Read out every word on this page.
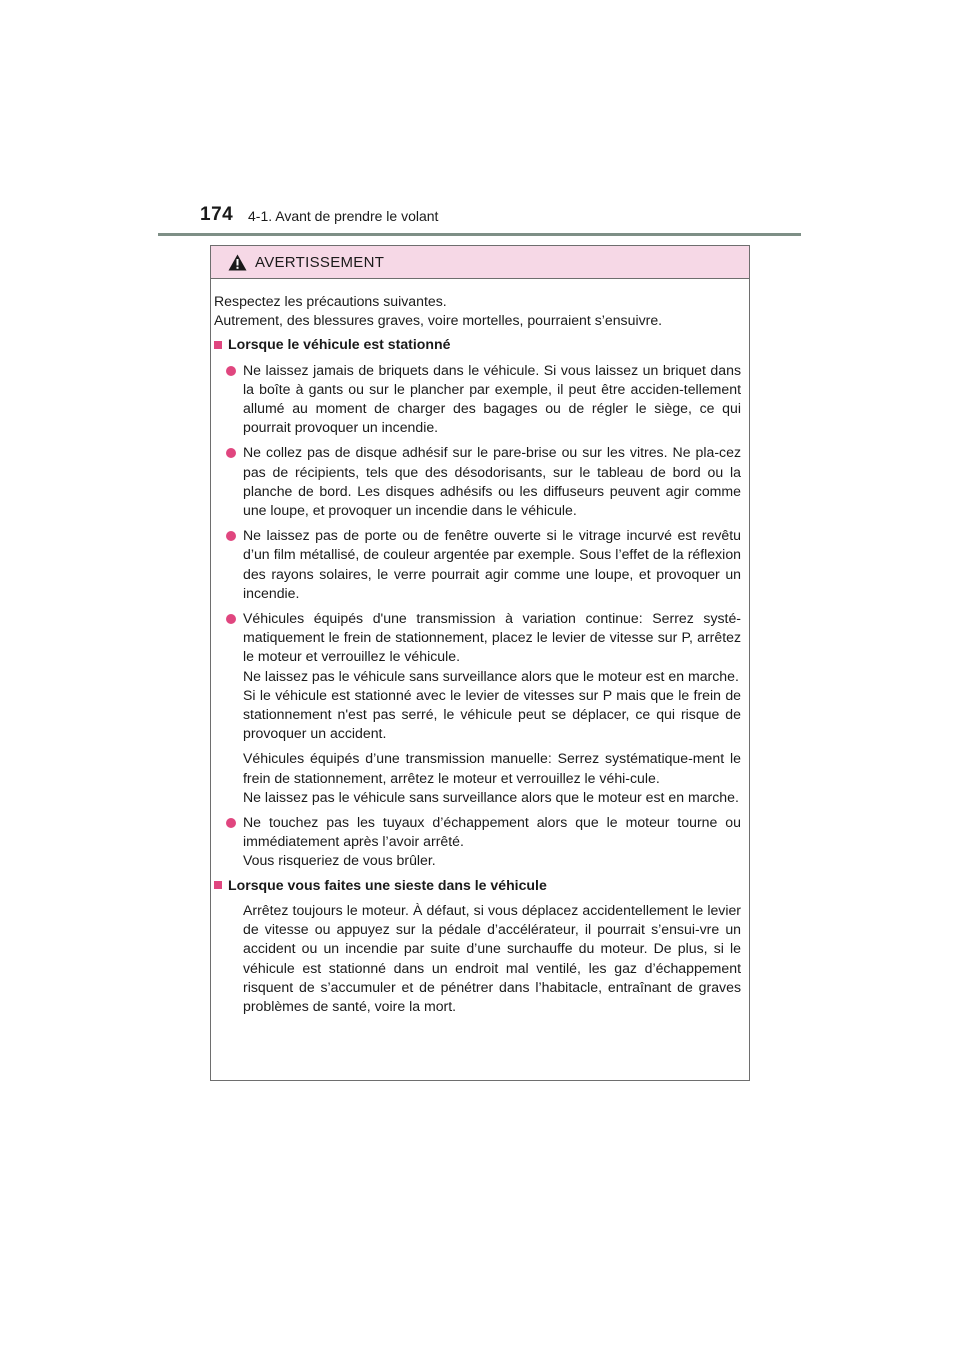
174 4-1. Avant de prendre le volant
AVERTISSEMENT

Respectez les précautions suivantes.

Autrement, des blessures graves, voire mortelles, pourraient s’ensuivre.

Lorsque le véhicule est stationné

Ne laissez jamais de briquets dans le véhicule. Si vous laissez un briquet dans la boîte à gants ou sur le plancher par exemple, il peut être acciden-tellement allumé au moment de charger des bagages ou de régler le siège, ce qui pourrait provoquer un incendie.

Ne collez pas de disque adhésif sur le pare-brise ou sur les vitres. Ne pla-cez pas de récipients, tels que des désodorisants, sur le tableau de bord ou la planche de bord. Les disques adhésifs ou les diffuseurs peuvent agir comme une loupe, et provoquer un incendie dans le véhicule.

Ne laissez pas de porte ou de fenêtre ouverte si le vitrage incurvé est revêtu d’un film métallisé, de couleur argentée par exemple. Sous l’effet de la réflexion des rayons solaires, le verre pourrait agir comme une loupe, et provoquer un incendie.

Véhicules équipés d'une transmission à variation continue: Serrez systé-matiquement le frein de stationnement, placez le levier de vitesse sur P, arrêtez le moteur et verrouillez le véhicule.

Ne laissez pas le véhicule sans surveillance alors que le moteur est en marche.

Si le véhicule est stationné avec le levier de vitesses sur P mais que le frein de stationnement n'est pas serré, le véhicule peut se déplacer, ce qui risque de provoquer un accident.

Véhicules équipés d’une transmission manuelle: Serrez systématique-ment le frein de stationnement, arrêtez le moteur et verrouillez le véhi-cule.

Ne laissez pas le véhicule sans surveillance alors que le moteur est en marche.

Ne touchez pas les tuyaux d’échappement alors que le moteur tourne ou immédiatement après l’avoir arrêté.

Vous risqueriez de vous brûler.

Lorsque vous faites une sieste dans le véhicule

Arrêtez toujours le moteur. À défaut, si vous déplacez accidentellement le levier de vitesse ou appuyez sur la pédale d’accélérateur, il pourrait s’ensui-vre un accident ou un incendie par suite d’une surchauffe du moteur. De plus, si le véhicule est stationné dans un endroit mal ventilé, les gaz d’échappement risquent de s’accumuler et de pénétrer dans l’habitacle, entraînant de graves problèmes de santé, voire la mort.
